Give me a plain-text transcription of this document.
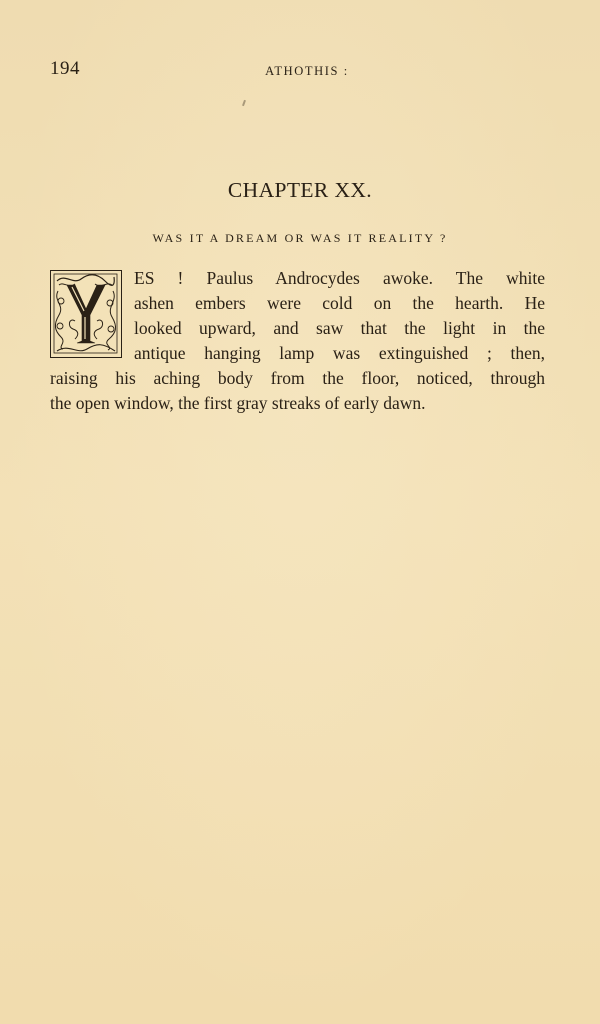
194	ATHOTHIS :
CHAPTER XX.
WAS IT A DREAM OR WAS IT REALITY ?
ES ! Paulus Androcydes awoke. The white
ashen embers were cold on the hearth. He
looked upward, and saw that the light in the
antique hanging lamp was extinguished ; then,
raising his aching body from the floor, noticed, through
the open window, the first gray streaks of early dawn.
